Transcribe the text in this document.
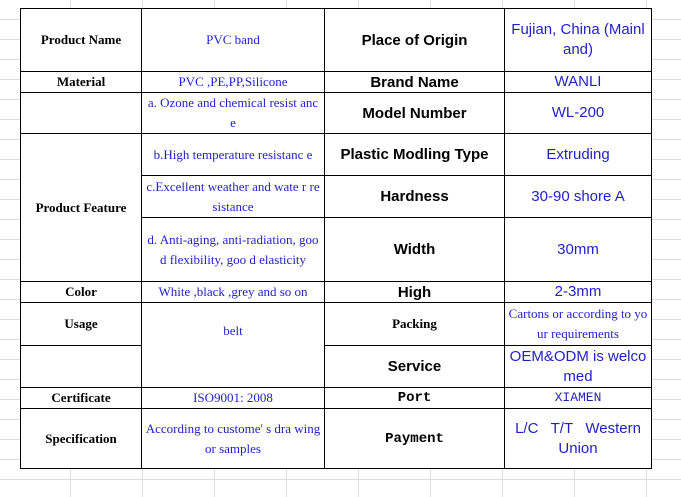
Product Name	PVC band	Place of Origin	Fujian, China (Mainland)
Material	PVC ,PE,PP,Silicone	Brand Name	WANLI
	a. Ozone and chemical resist ance	Model Number	WL-200
Product Feature	b.High temperature resistanc e	Plastic Modling Type	Extruding
	c.Excellent weather and wate r resistance	Hardness	30-90 shore A
	d. Anti-aging, anti-radiation, good flexibility, goo d elasticity	Width	30mm
Color	White ,black ,grey and so on	High	2-3mm
Usage	belt	Packing	Cartons or according to your requirements
		Service	OEM&ODM is welcomed
Certificate	ISO9001: 2008	Port	XIAMEN
Specification	According to custome' s dra wing or samples	Payment	L/C   T/T   Western Union
